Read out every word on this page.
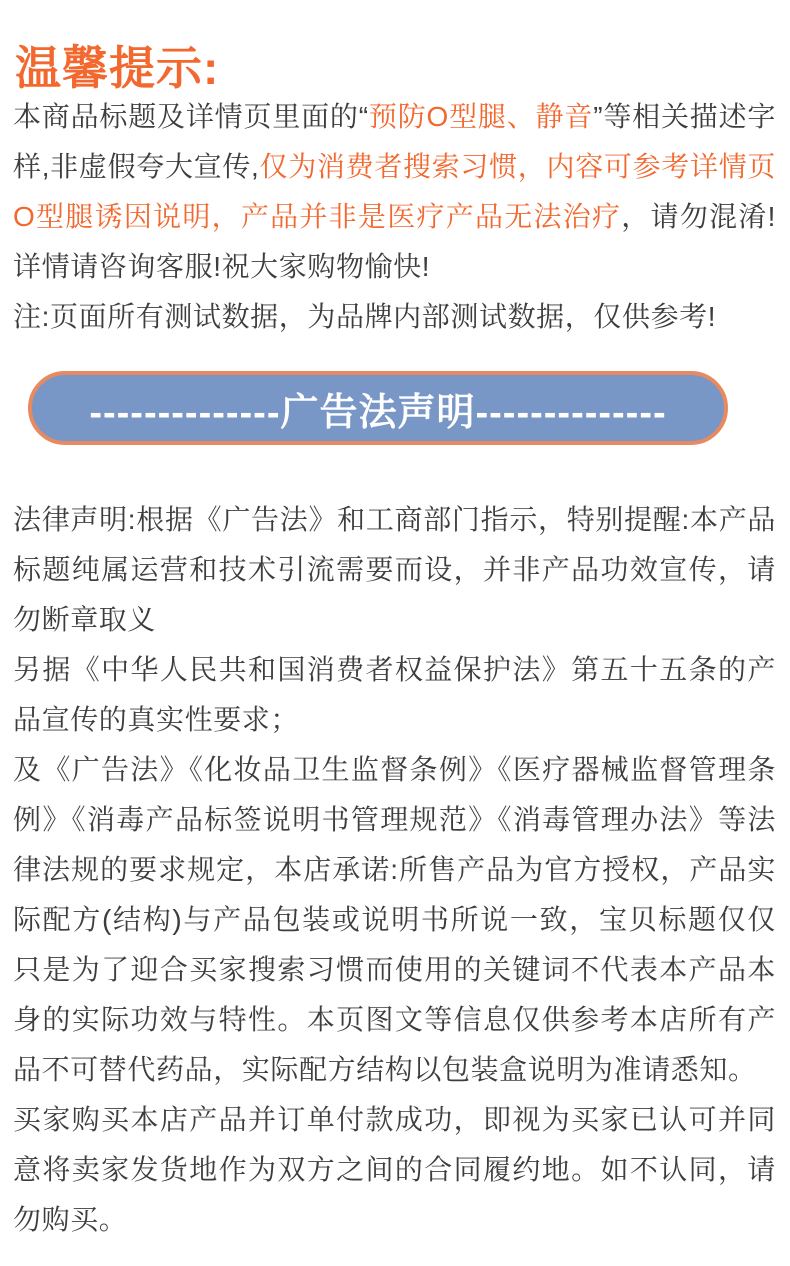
温馨提示:

本商品标题及详情页里面的“预防O型腿、静音”等相关描述字样,非虚假夸大宣传,仅为消费者搜索习惯，内容可参考详情页O型腿诱因说明，产品并非是医疗产品无法治疗，请勿混淆!详情请咨询客服!祝大家购物愉快!

注:页面所有测试数据，为品牌内部测试数据，仅供参考!

--------------广告法声明--------------

法律声明:根据《广告法》和工商部门指示，特别提醒:本产品标题纯属运营和技术引流需要而设，并非产品功效宣传，请勿断章取义

另据《中华人民共和国消费者权益保护法》第五十五条的产品宣传的真实性要求；

及《广告法》《化妆品卫生监督条例》《医疗器械监督管理条例》《消毒产品标签说明书管理规范》《消毒管理办法》等法律法规的要求规定，本店承诺:所售产品为官方授权，产品实际配方(结构)与产品包装或说明书所说一致，宝贝标题仅仅只是为了迎合买家搜索习惯而使用的关键词不代表本产品本身的实际功效与特性。本页图文等信息仅供参考本店所有产品不可替代药品，实际配方结构以包装盒说明为准请悉知。

买家购买本店产品并订单付款成功，即视为买家已认可并同意将卖家发货地作为双方之间的合同履约地。如不认同，请勿购买。
